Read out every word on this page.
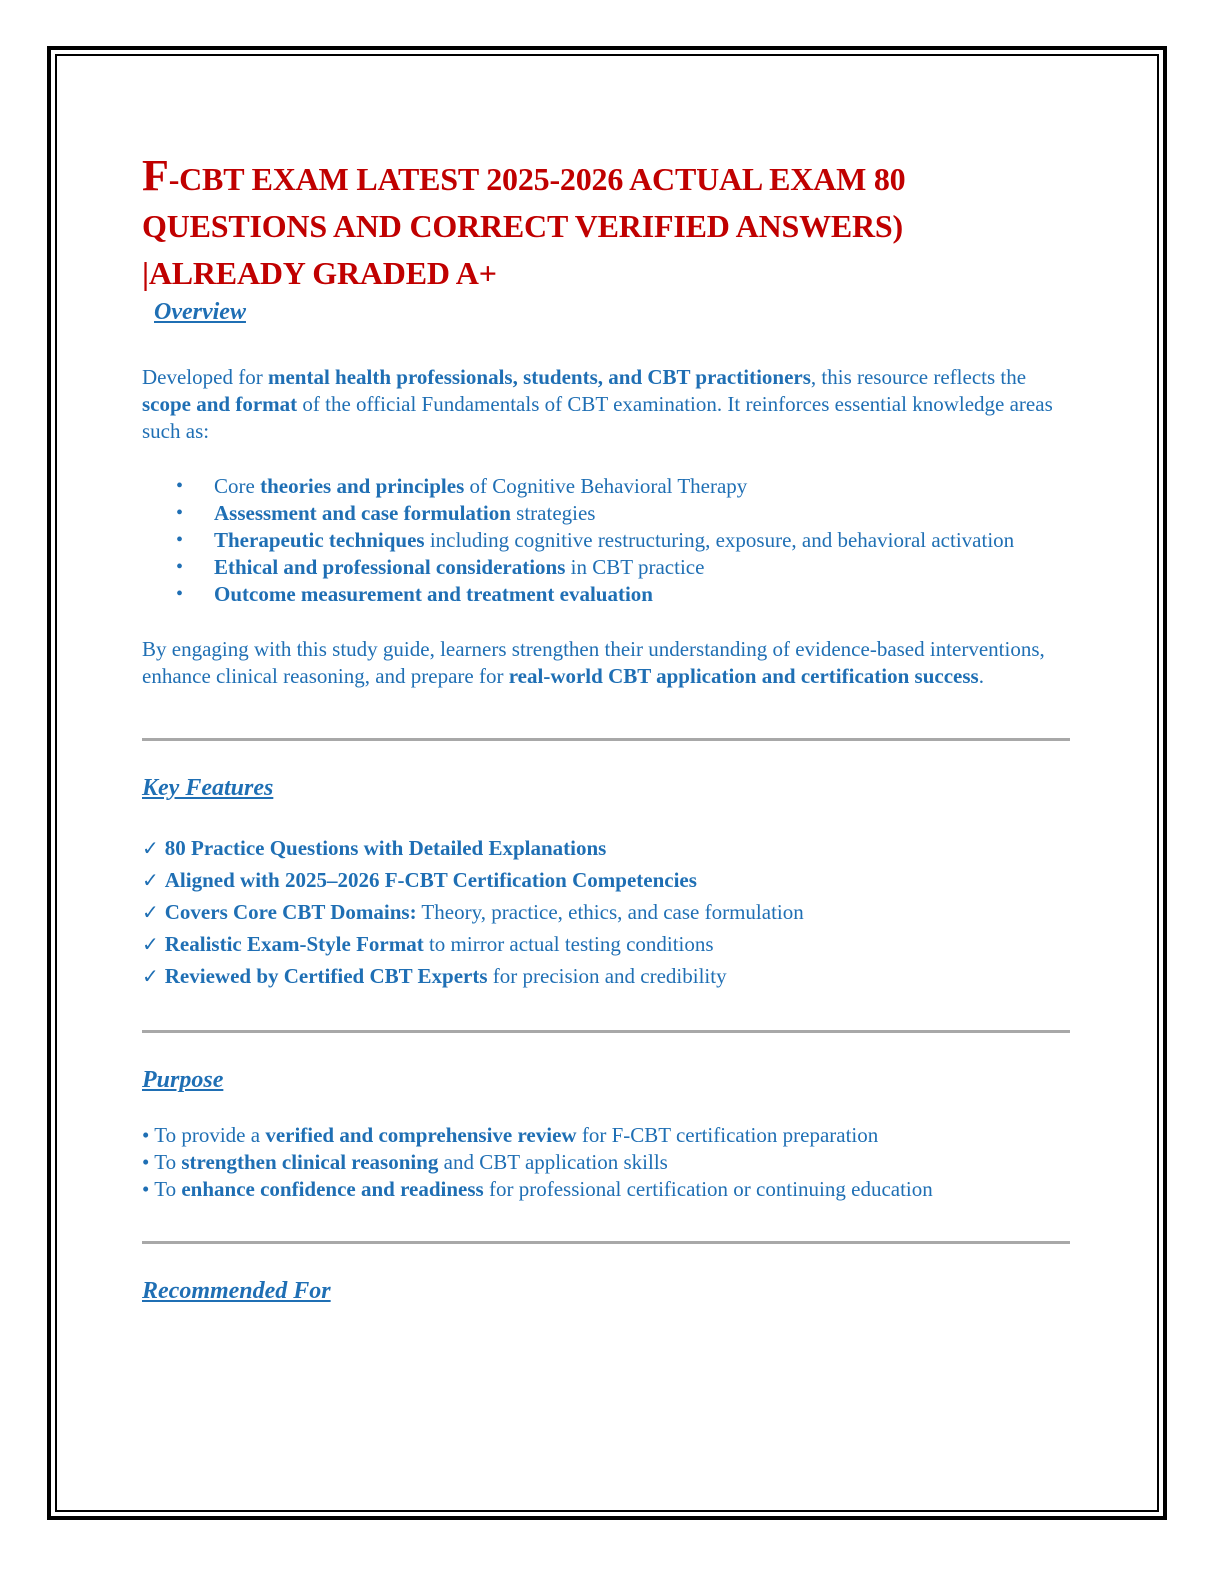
F-CBT EXAM LATEST 2025-2026 ACTUAL EXAM 80 QUESTIONS AND CORRECT VERIFIED ANSWERS) |ALREADY GRADED A+
Overview

Developed for mental health professionals, students, and CBT practitioners, this resource reflects the scope and format of the official Fundamentals of CBT examination. It reinforces essential knowledge areas such as:

• Core theories and principles of Cognitive Behavioral Therapy
• Assessment and case formulation strategies
• Therapeutic techniques including cognitive restructuring, exposure, and behavioral activation
• Ethical and professional considerations in CBT practice
• Outcome measurement and treatment evaluation

By engaging with this study guide, learners strengthen their understanding of evidence-based interventions, enhance clinical reasoning, and prepare for real-world CBT application and certification success.

Key Features
✓ 80 Practice Questions with Detailed Explanations
✓ Aligned with 2025–2026 F-CBT Certification Competencies
✓ Covers Core CBT Domains: Theory, practice, ethics, and case formulation
✓ Realistic Exam-Style Format to mirror actual testing conditions
✓ Reviewed by Certified CBT Experts for precision and credibility
Purpose
• To provide a verified and comprehensive review for F-CBT certification preparation
• To strengthen clinical reasoning and CBT application skills
• To enhance confidence and readiness for professional certification or continuing education
Recommended For
